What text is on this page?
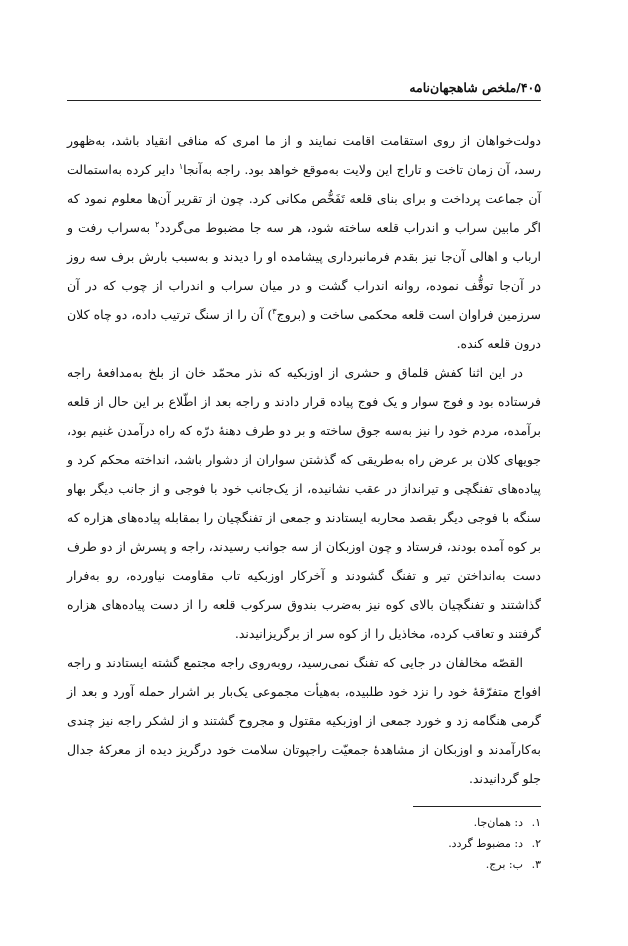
۴۰۵/ملخص شاهجهان‌نامه

دولت‌خواهان از روی استقامت اقامت نمایند و از ما امری که منافی انقیاد باشد، به‌ظهور رسد، آن زمان تاخت و تاراج این ولایت به‌موقع خواهد بود. راجه به‌آنجا$^۱$ دایر کرده به‌استمالت آن جماعت پرداخت و برای بنای قلعه تَفَحُّص مکانی کرد. چون از تقریر آن‌ها معلوم نمود که اگر مابین سراب و اندراب قلعه ساخته شود، هر سه جا مضبوط می‌گردد$^۲$ به‌سراب رفت و ارباب و اهالی آن‌جا نیز بقدم فرمانبرداری پیشامده او را دیدند و به‌سبب بارش برف سه روز در آن‌جا توقُّف نموده، روانه اندراب گشت و در میان سراب و اندراب از چوب که در آن سرزمین فراوان است قلعه محکمی ساخت و (بروج$^۳$) آن را از سنگ ترتیب داده، دو چاه کلان درون قلعه کنده.

در این اثنا کفش قلماق و حشری از اوزبکیه که نذر محمّد خان از بلخ به‌مدافعهٔ راجه فرستاده بود و فوج سوار و یک فوج پیاده قرار دادند و راجه بعد از اطّلاع بر این حال از قلعه برآمده، مردم خود را نیز به‌سه جوق ساخته و بر دو طرف دهنهٔ درّه که راه درآمدن غنیم بود، جویهای کلان بر عرض راه به‌طریقی که گذشتن سواران از دشوار باشد، انداخته محکم کرد و پیاده‌های تفنگچی و تیرانداز در عقب نشانیده، از یک‌جانب خود با فوجی و از جانب دیگر بهاو سنگه با فوجی دیگر بقصد محاربه ایستادند و جمعی از تفنگچیان را بمقابله پیاده‌های هزاره که بر کوه آمده بودند، فرستاد و چون اوزبکان از سه جوانب رسیدند، راجه و پسرش از دو طرف دست به‌انداختن تیر و تفنگ گشودند و آخرکار اوزبکیه تاب مقاومت نیاورده، رو به‌فرار گذاشتند و تفنگچیان بالای کوه نیز به‌ضرب بندوق سرکوب قلعه را از دست پیاده‌های هزاره گرفتند و تعاقب کرده، مخاذیل را از کوه سر از برگریزانیدند.

القصّه مخالفان در جایی که تفنگ نمی‌رسید، روبه‌روی راجه مجتمع گشته ایستادند و راجه افواج متفرّقهٔ خود را نزد خود طلبیده، به‌هیأت مجموعی یک‌بار بر اشرار حمله آورد و بعد از گرمی هنگامه زد و خورد جمعی از اوزبکیه مقتول و مجروح گشتند و از لشکر راجه نیز چندی به‌کارآمدند و اوزبکان از مشاهدهٔ جمعیّت راجپوتان سلامت خود درگریز دیده از معرکهٔ جدال جلو گردانیدند.

۱.د: همان‌جا.
۲.د: مضبوط گردد.
۳.ب: برج.
